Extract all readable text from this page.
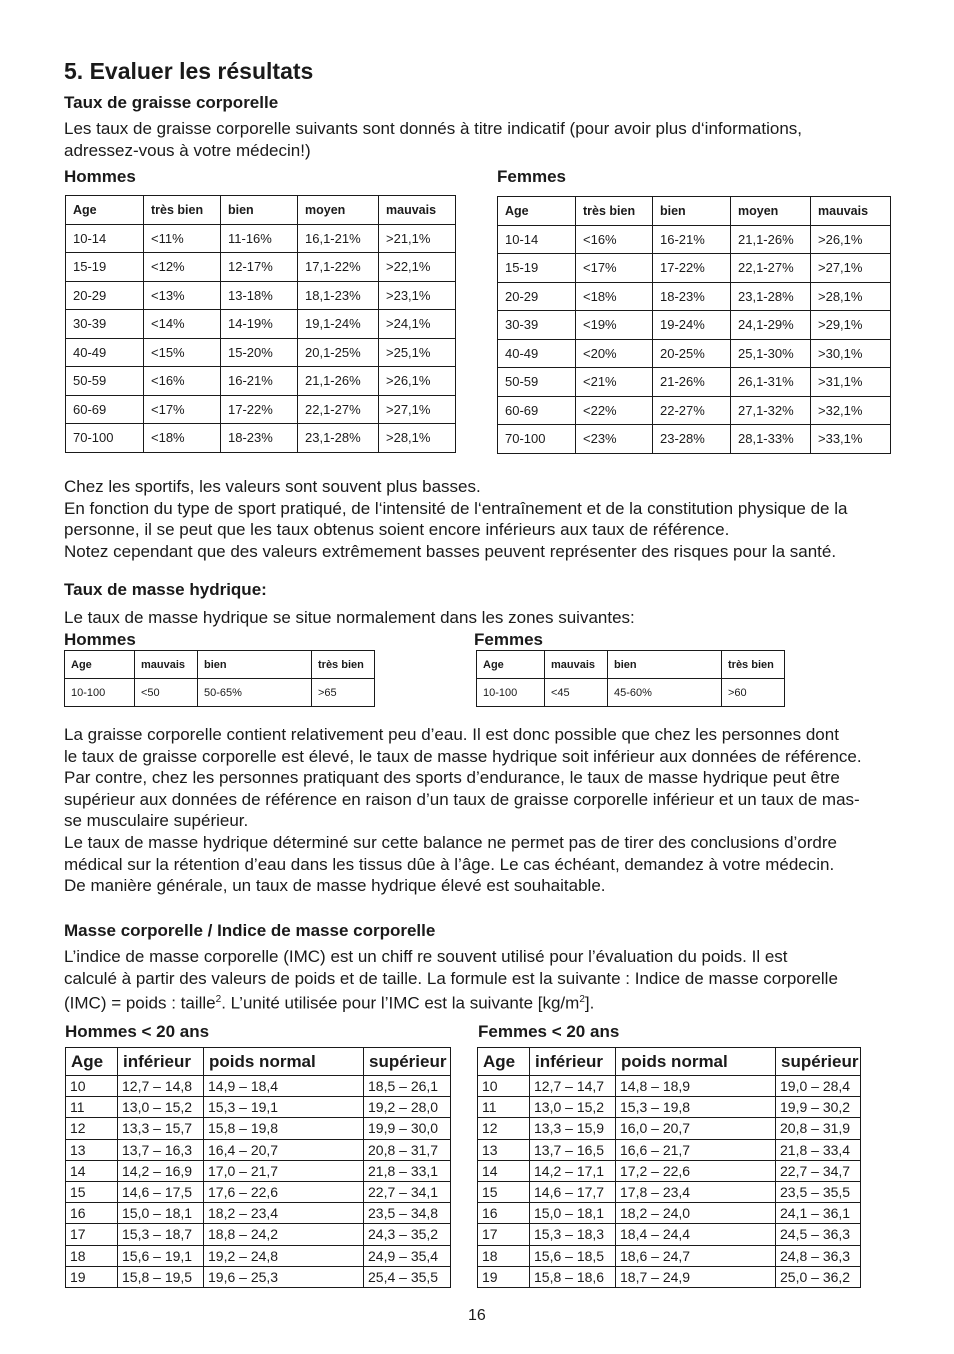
5. Evaluer les résultats
Taux de graisse corporelle
Les taux de graisse corporelle suivants sont donnés à titre indicatif (pour avoir plus d‘informations,
adressez-vous à votre médecin!)
Hommes	Femmes
Age	très bien	bien	moyen	mauvais
10-14	<11%	11-16%	16,1-21%	>21,1%
15-19	<12%	12-17%	17,1-22%	>22,1%
20-29	<13%	13-18%	18,1-23%	>23,1%
30-39	<14%	14-19%	19,1-24%	>24,1%
40-49	<15%	15-20%	20,1-25%	>25,1%
50-59	<16%	16-21%	21,1-26%	>26,1%
60-69	<17%	17-22%	22,1-27%	>27,1%
70-100	<18%	18-23%	23,1-28%	>28,1%
Age	très bien	bien	moyen	mauvais
10-14	<16%	16-21%	21,1-26%	>26,1%
15-19	<17%	17-22%	22,1-27%	>27,1%
20-29	<18%	18-23%	23,1-28%	>28,1%
30-39	<19%	19-24%	24,1-29%	>29,1%
40-49	<20%	20-25%	25,1-30%	>30,1%
50-59	<21%	21-26%	26,1-31%	>31,1%
60-69	<22%	22-27%	27,1-32%	>32,1%
70-100	<23%	23-28%	28,1-33%	>33,1%
Chez les sportifs, les valeurs sont souvent plus basses.
En fonction du type de sport pratiqué, de l‘intensité de l‘entraînement et de la constitution physique de la
personne, il se peut que les taux obtenus soient encore inférieurs aux taux de référence.
Notez cependant que des valeurs extrêmement basses peuvent représenter des risques pour la santé.
Taux de masse hydrique:
Le taux de masse hydrique se situe normalement dans les zones suivantes:
Hommes	Femmes
Age	mauvais	bien	très bien
10-100	<50	50-65%	>65
Age	mauvais	bien	très bien
10-100	<45	45-60%	>60
La graisse corporelle contient relativement peu d’eau. Il est donc possible que chez les personnes dont
le taux de graisse corporelle est élevé, le taux de masse hydrique soit inférieur aux données de référence.
Par contre, chez les personnes pratiquant des sports d’endurance, le taux de masse hydrique peut être
supérieur aux données de référence en raison d’un taux de graisse corporelle inférieur et un taux de mas-
se musculaire supérieur.
Le taux de masse hydrique déterminé sur cette balance ne permet pas de tirer des conclusions d’ordre
médical sur la rétention d’eau dans les tissus dûe à l’âge. Le cas échéant, demandez à votre médecin.
De manière générale, un taux de masse hydrique élevé est souhaitable.
Masse corporelle / Indice de masse corporelle
L’indice de masse corporelle (IMC) est un chiff re souvent utilisé pour l’évaluation du poids. Il est
calculé à partir des valeurs de poids et de taille. La formule est la suivante : Indice de masse corporelle
(IMC) = poids : taille$^2$. L’unité utilisée pour l’IMC est la suivante $[kg/m^2]$.
Hommes < 20 ans	Femmes < 20 ans
Age	inférieur	poids normal	supérieur
10	12,7 – 14,8	14,9 – 18,4	18,5 – 26,1
11	13,0 – 15,2	15,3 – 19,1	19,2 – 28,0
12	13,3 – 15,7	15,8 – 19,8	19,9 – 30,0
13	13,7 – 16,3	16,4 – 20,7	20,8 – 31,7
14	14,2 – 16,9	17,0 – 21,7	21,8 – 33,1
15	14,6 – 17,5	17,6 – 22,6	22,7 – 34,1
16	15,0 – 18,1	18,2 – 23,4	23,5 – 34,8
17	15,3 – 18,7	18,8 – 24,2	24,3 – 35,2
18	15,6 – 19,1	19,2 – 24,8	24,9 – 35,4
19	15,8 – 19,5	19,6 – 25,3	25,4 – 35,5
Age	inférieur	poids normal	supérieur
10	12,7 – 14,7	14,8 – 18,9	19,0 – 28,4
11	13,0 – 15,2	15,3 – 19,8	19,9 – 30,2
12	13,3 – 15,9	16,0 – 20,7	20,8 – 31,9
13	13,7 – 16,5	16,6 – 21,7	21,8 – 33,4
14	14,2 – 17,1	17,2 – 22,6	22,7 – 34,7
15	14,6 – 17,7	17,8 – 23,4	23,5 – 35,5
16	15,0 – 18,1	18,2 – 24,0	24,1 – 36,1
17	15,3 – 18,3	18,4 – 24,4	24,5 – 36,3
18	15,6 – 18,5	18,6 – 24,7	24,8 – 36,3
19	15,8 – 18,6	18,7 – 24,9	25,0 – 36,2
16
